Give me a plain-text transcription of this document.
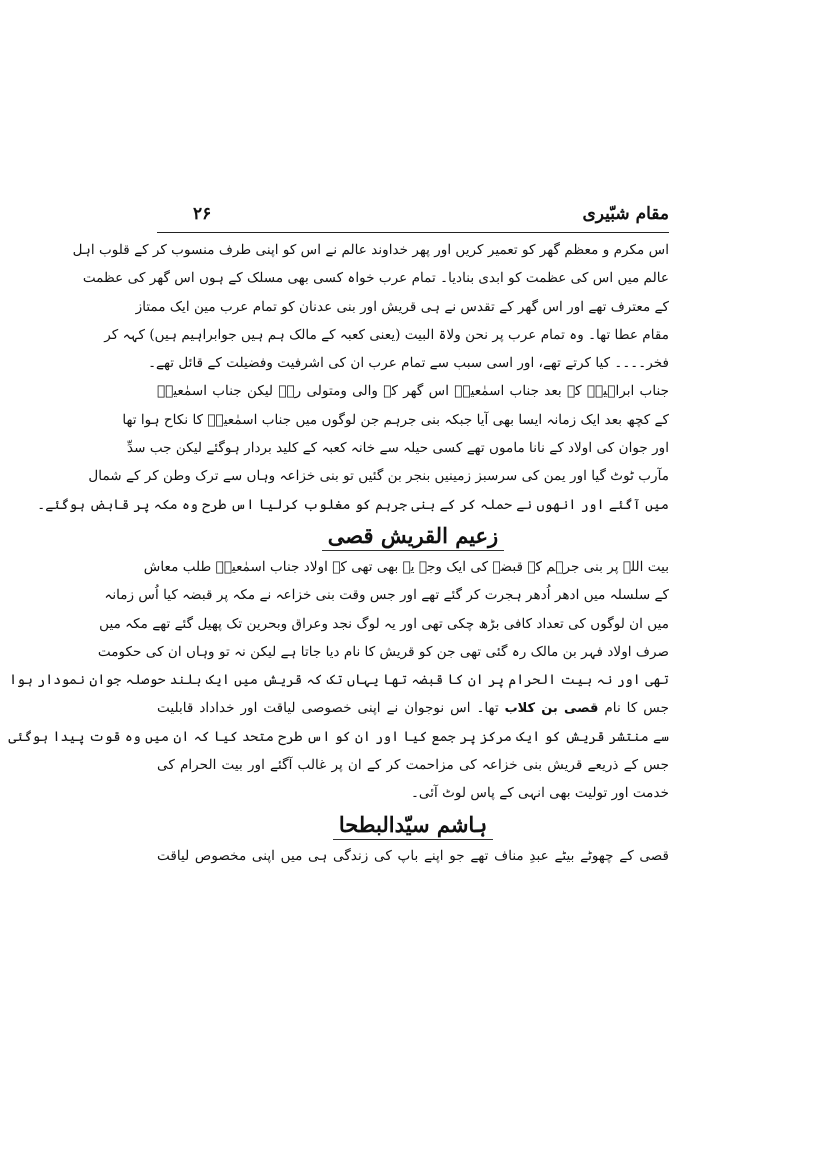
مقام شبّیری
۲۶
اس مکرم و معظم گھر کو تعمیر کریں اور پھر خداوند عالم نے اس کو اپنی طرف منسوب کر کے قلوب اہل
عالم میں اس کی عظمت کو ابدی بنادیا۔ تمام عرب خواہ کسی بھی مسلک کے ہوں اس گھر کی عظمت
کے معترف تھے اور اس گھر کے تقدس نے ہی قریش اور بنی عدنان کو تمام عرب مین ایک ممتاز
مقام عطا تھا۔ وہ تمام عرب پر نحن ولاۃ البیت (یعنی کعبہ کے مالک ہم ہیں جوابراہیم ہیں) کہہ کر
فخر۔۔۔۔ کیا کرتے تھے، اور اسی سبب سے تمام عرب ان کی اشرفیت وفضیلت کے قائل تھے۔
جناب ابراہیمؑ کے بعد جناب اسمٰعیلؑ اس گھر کے والی ومتولی رہے لیکن جناب اسمٰعیلؑ
کے کچھ بعد ایک زمانہ ایسا بھی آیا جبکہ بنی جرہم جن لوگوں میں جناب اسمٰعیلؑ کا نکاح ہوا تھا
اور جوان کی اولاد کے نانا ماموں تھے کسی حیلہ سے خانہ کعبہ کے کلید بردار ہوگئے لیکن جب سدِّ
مآرب ٹوٹ گیا اور یمن کی سرسبز زمینیں بنجر بن گئیں تو بنی خزاعہ وہاں سے ترک وطن کر کے شمال
میں آگئے اور انھوں نے حملہ کر کے بنی جرہم کو مغلوب کرلیا اس طرح وہ مکہ پر قابض ہوگئے۔
زعیم القریش قصی
بیت اللہ پر بنی جرہم کے قبضہ کی ایک وجہ یہ بھی تھی کہ اولاد جناب اسمٰعیلؑ طلب معاش
کے سلسلہ میں ادھر اُدھر ہجرت کر گئے تھے اور جس وقت بنی خزاعہ نے مکہ پر قبضہ کیا اُس زمانہ
میں ان لوگوں کی تعداد کافی بڑھ چکی تھی اور یہ لوگ نجد وعراق وبحرین تک پھیل گئے تھے مکہ میں
صرف اولاد فہر بن مالک رہ گئی تھی جن کو قریش کا نام دیا جاتا ہے لیکن نہ تو وہاں ان کی حکومت
تھی اور نہ بیت الحرام پر ان کا قبضہ تھا یہاں تک کہ قریش میں ایک بلند حوصلہ جوان نمودار ہوا
جس کا نام قصی بن کلاب تھا۔ اس نوجوان نے اپنی خصوصی لیاقت اور خداداد قابلیت
سے منتشر قریش کو ایک مرکز پر جمع کیا اور ان کو اس طرح متحد کیا کہ ان میں وہ قوت پیدا ہوگئی
جس کے ذریعے قریش بنی خزاعہ کی مزاحمت کر کے ان پر غالب آگئے اور بیت الحرام کی
خدمت اور تولیت بھی انہی کے پاس لوٹ آئی۔
ہاشم سیّدالبطحا
قصی کے چھوٹے بیٹے عبدِ مناف تھے جو اپنے باپ کی زندگی ہی میں اپنی مخصوص لیاقت
